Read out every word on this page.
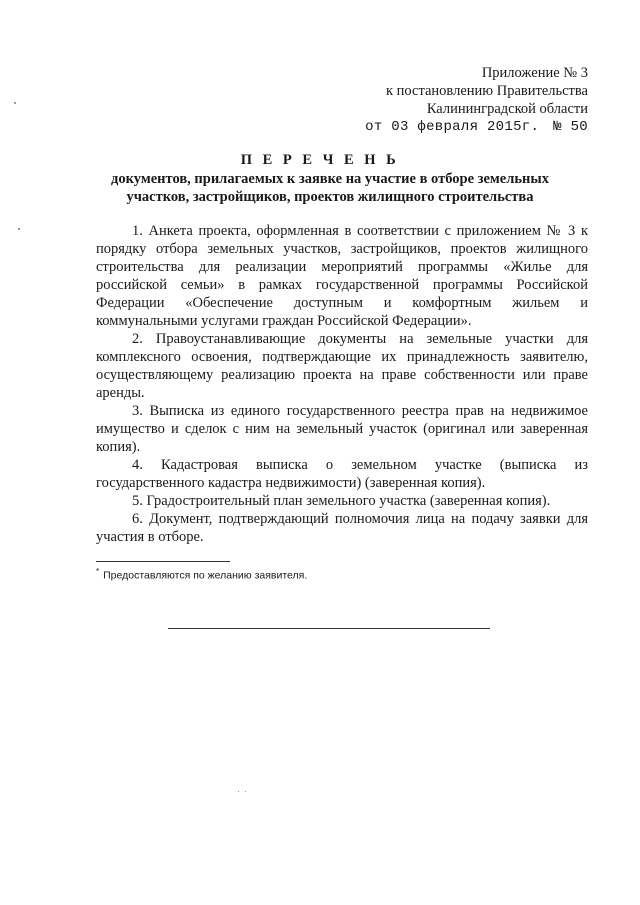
Приложение № 3
к постановлению Правительства
Калининградской области
от 03 февраля 2015г. № 50
П Е Р Е Ч Е Н Ь
документов, прилагаемых к заявке на участие в отборе земельных участков, застройщиков, проектов жилищного строительства

1. Анкета проекта, оформленная в соответствии с приложением № 3 к порядку отбора земельных участков, застройщиков, проектов жилищного строительства для реализации мероприятий программы «Жилье для российской семьи» в рамках государственной программы Российской Федерации «Обеспечение доступным и комфортным жильем и коммунальными услугами граждан Российской Федерации».

2. Правоустанавливающие документы на земельные участки для комплексного освоения, подтверждающие их принадлежность заявителю, осуществляющему реализацию проекта на праве собственности или праве аренды.

3. Выписка из единого государственного реестра прав на недвижимое имущество и сделок с ним на земельный участок (оригинал или заверенная копия).

4. Кадастровая выписка о земельном участке (выписка из государственного кадастра недвижимости) (заверенная копия).

5. Градостроительный план земельного участка (заверенная копия).

6. Документ, подтверждающий полномочия лица на подачу заявки для участия в отборе.

* Предоставляются по желанию заявителя.
